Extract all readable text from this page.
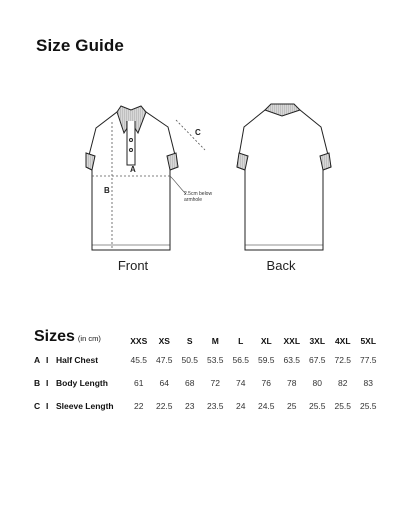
Size Guide
A
B
C
2.5cm below
armhole
Front	Back
Sizes (in cm)	XXS	XS	S	M	L	XL	XXL	3XL	4XL	5XL
A I Half Chest	45.5	47.5	50.5	53.5	56.5	59.5	63.5	67.5	72.5	77.5
B I Body Length	61	64	68	72	74	76	78	80	82	83
C I Sleeve Length	22	22.5	23	23.5	24	24.5	25	25.5	25.5	25.5
